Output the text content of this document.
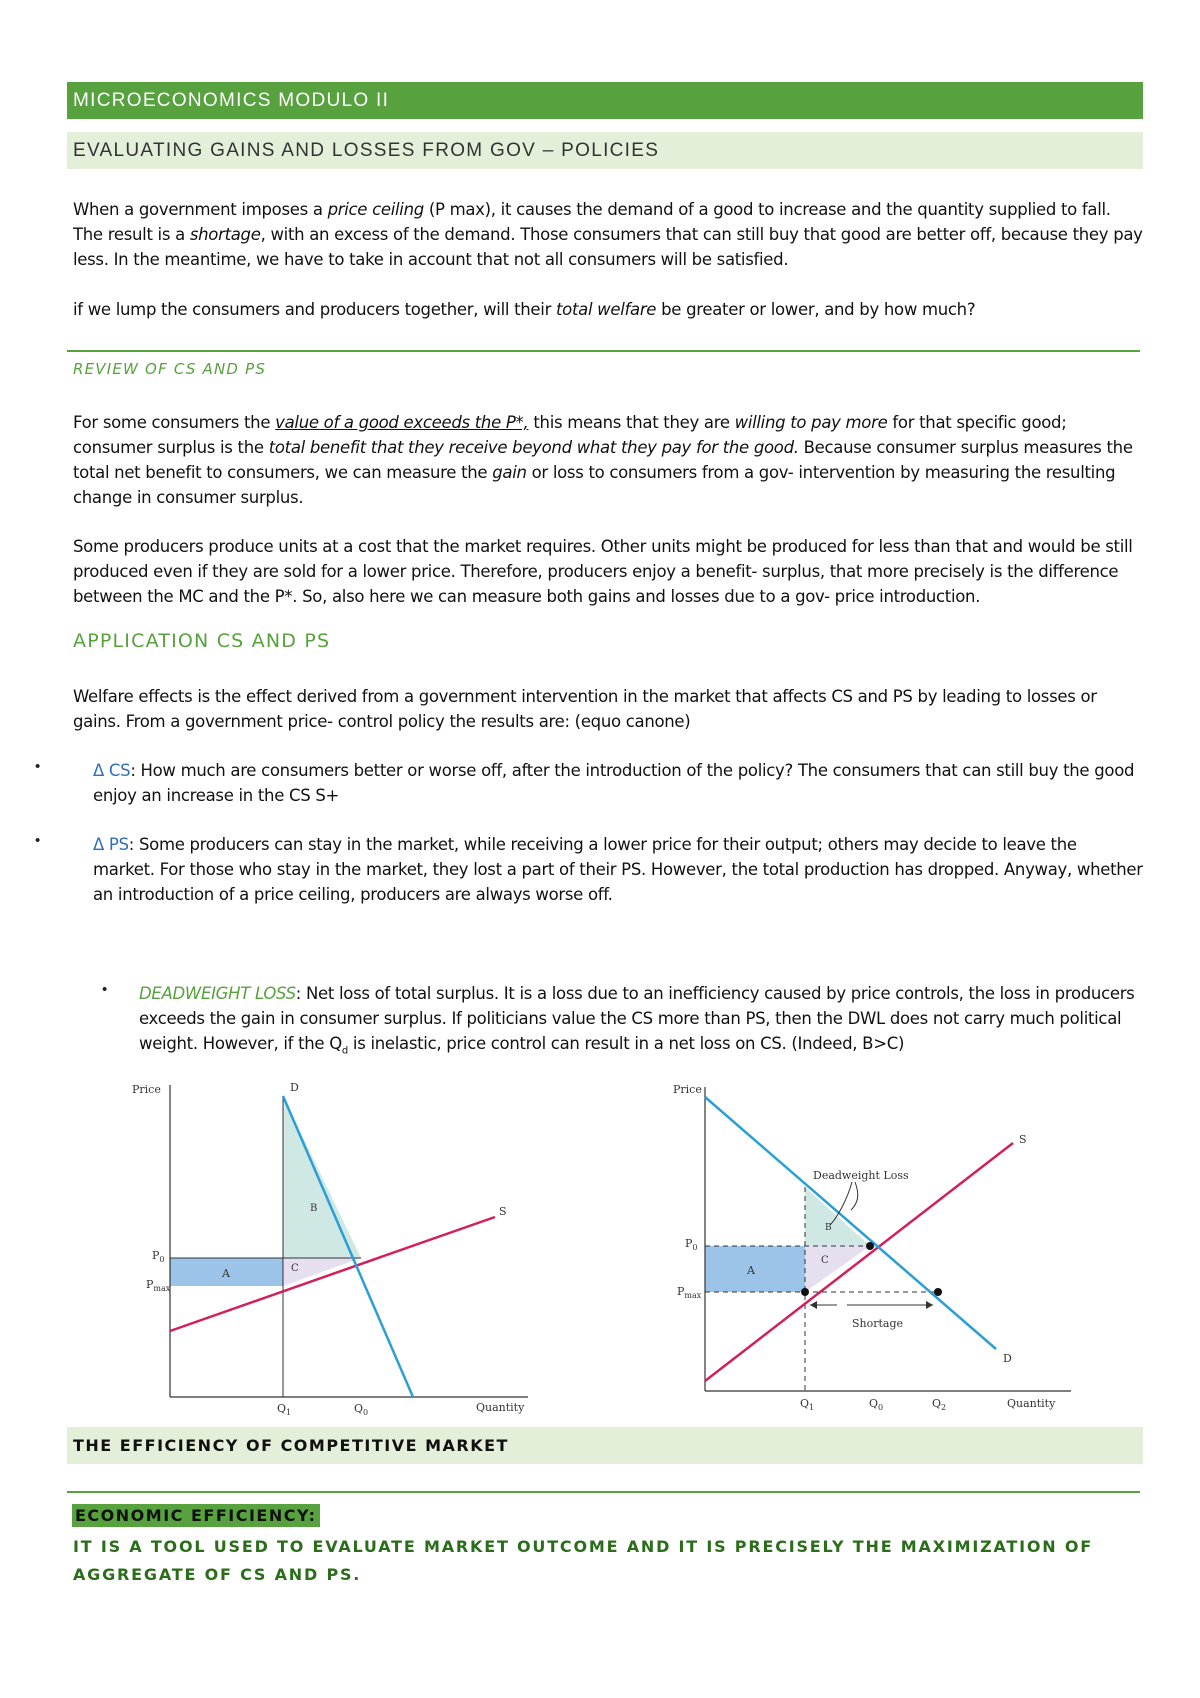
MICROECONOMICS MODULO II
EVALUATING GAINS AND LOSSES FROM GOV – POLICIES
When a government imposes a price ceiling (P max), it causes the demand of a good to increase and the quantity supplied to fall. The result is a shortage, with an excess of the demand. Those consumers that can still buy that good are better off, because they pay less. In the meantime, we have to take in account that not all consumers will be satisfied.
if we lump the consumers and producers together, will their total welfare be greater or lower, and by how much?
REVIEW OF CS AND PS
For some consumers the value of a good exceeds the P*, this means that they are willing to pay more for that specific good; consumer surplus is the total benefit that they receive beyond what they pay for the good. Because consumer surplus measures the total net benefit to consumers, we can measure the gain or loss to consumers from a gov- intervention by measuring the resulting change in consumer surplus.
Some producers produce units at a cost that the market requires. Other units might be produced for less than that and would be still produced even if they are sold for a lower price. Therefore, producers enjoy a benefit- surplus, that more precisely is the difference between the MC and the P*. So, also here we can measure both gains and losses due to a gov- price introduction.
APPLICATION CS AND PS
Welfare effects is the effect derived from a government intervention in the market that affects CS and PS by leading to losses or gains. From a government price- control policy the results are: (equo canone)
•	Δ CS: How much are consumers better or worse off, after the introduction of the policy? The consumers that can still buy the good enjoy an increase in the CS S+
•	Δ PS: Some producers can stay in the market, while receiving a lower price for their output; others may decide to leave the market. For those who stay in the market, they lost a part of their PS. However, the total production has dropped. Anyway, whether an introduction of a price ceiling, producers are always worse off.
• DEADWEIGHT LOSS: Net loss of total surplus. It is a loss due to an inefficiency caused by price controls, the loss in producers exceeds the gain in consumer surplus. If politicians value the CS more than PS, then the DWL does not carry much political weight. However, if the $Q_d$ is inelastic, price control can result in a net loss on CS. (Indeed, B>C)
Price
Quantity
D
S
$P_0$
$P_{max}$
$Q_1$	$Q_0$
A
B
C
Price
Quantity
S
D
$P_0$
$P_{max}$
$Q_1$	$Q_0$	$Q_2$
Deadweight Loss
Shortage
A
B
C
THE EFFICIENCY OF COMPETITIVE MARKET
ECONOMIC EFFICIENCY:
IT IS A TOOL USED TO EVALUATE MARKET OUTCOME AND IT IS PRECISELY THE MAXIMIZATION OF AGGREGATE OF CS AND PS.
